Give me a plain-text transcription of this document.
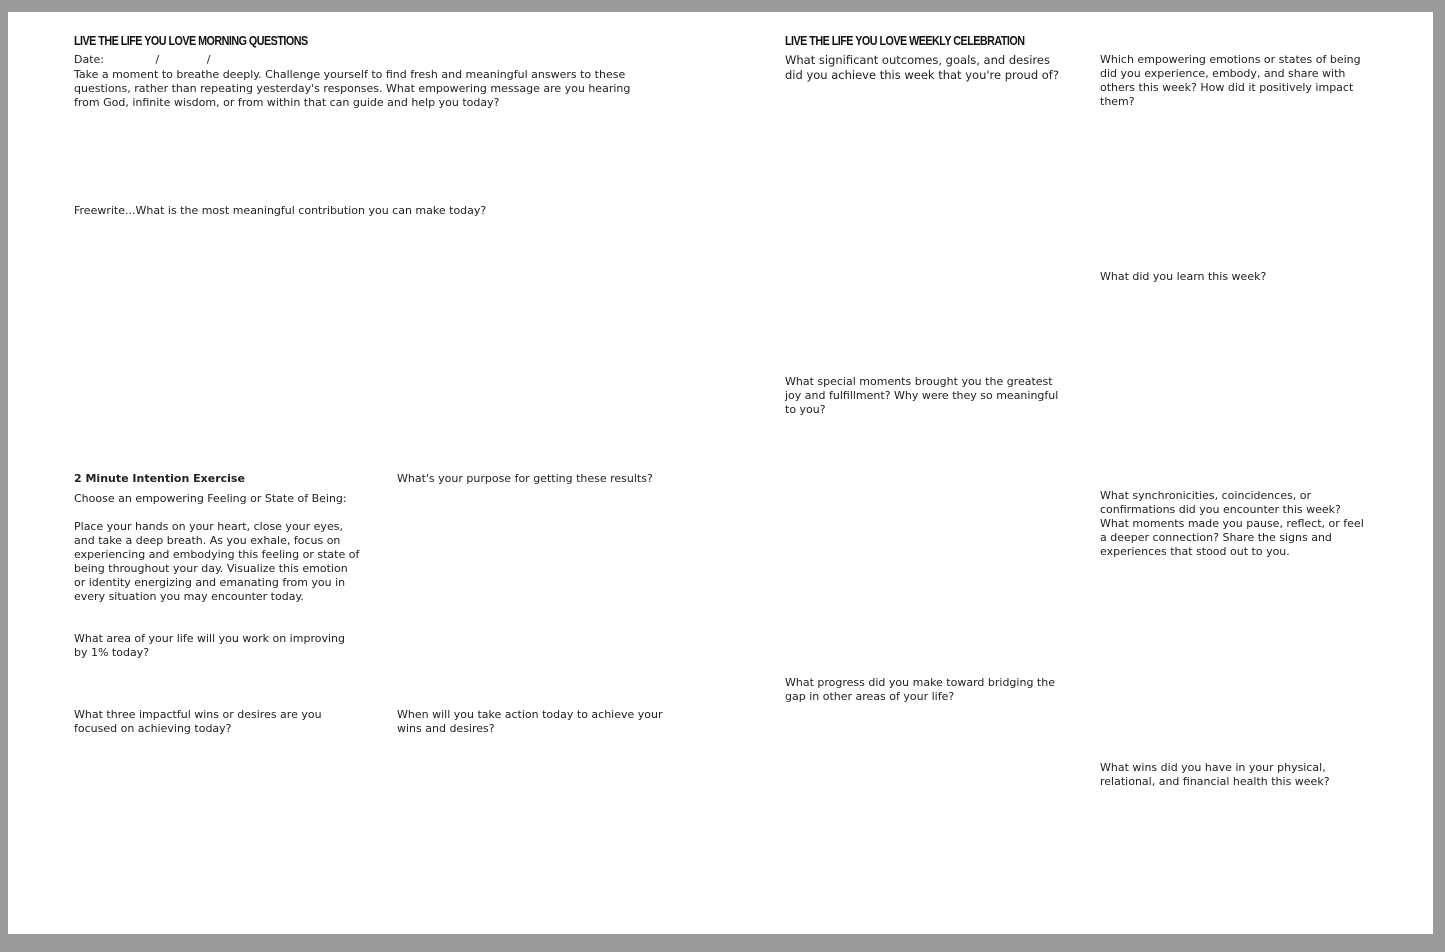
LIVE THE LIFE YOU LOVE MORNING QUESTIONS
Date:	/	/
Take a moment to breathe deeply. Challenge yourself to find fresh and meaningful answers to these questions, rather than repeating yesterday's responses. What empowering message are you hearing from God, infinite wisdom, or from within that can guide and help you today?
Freewrite...What is the most meaningful contribution you can make today?
2 Minute Intention Exercise
Choose an empowering Feeling or State of Being:
Place your hands on your heart, close your eyes, and take a deep breath. As you exhale, focus on experiencing and embodying this feeling or state of being throughout your day. Visualize this emotion or identity energizing and emanating from you in every situation you may encounter today.
What area of your life will you work on improving by 1% today?
What three impactful wins or desires are you focused on achieving today?
What's your purpose for getting these results?
When will you take action today to achieve your wins and desires?
LIVE THE LIFE YOU LOVE WEEKLY CELEBRATION
What significant outcomes, goals, and desires did you achieve this week that you're proud of?
What special moments brought you the greatest joy and fulfillment? Why were they so meaningful to you?
What progress did you make toward bridging the gap in other areas of your life?
Which empowering emotions or states of being did you experience, embody, and share with others this week? How did it positively impact them?
What did you learn this week?
What synchronicities, coincidences, or confirmations did you encounter this week? What moments made you pause, reflect, or feel a deeper connection? Share the signs and experiences that stood out to you.
What wins did you have in your physical, relational, and financial health this week?
